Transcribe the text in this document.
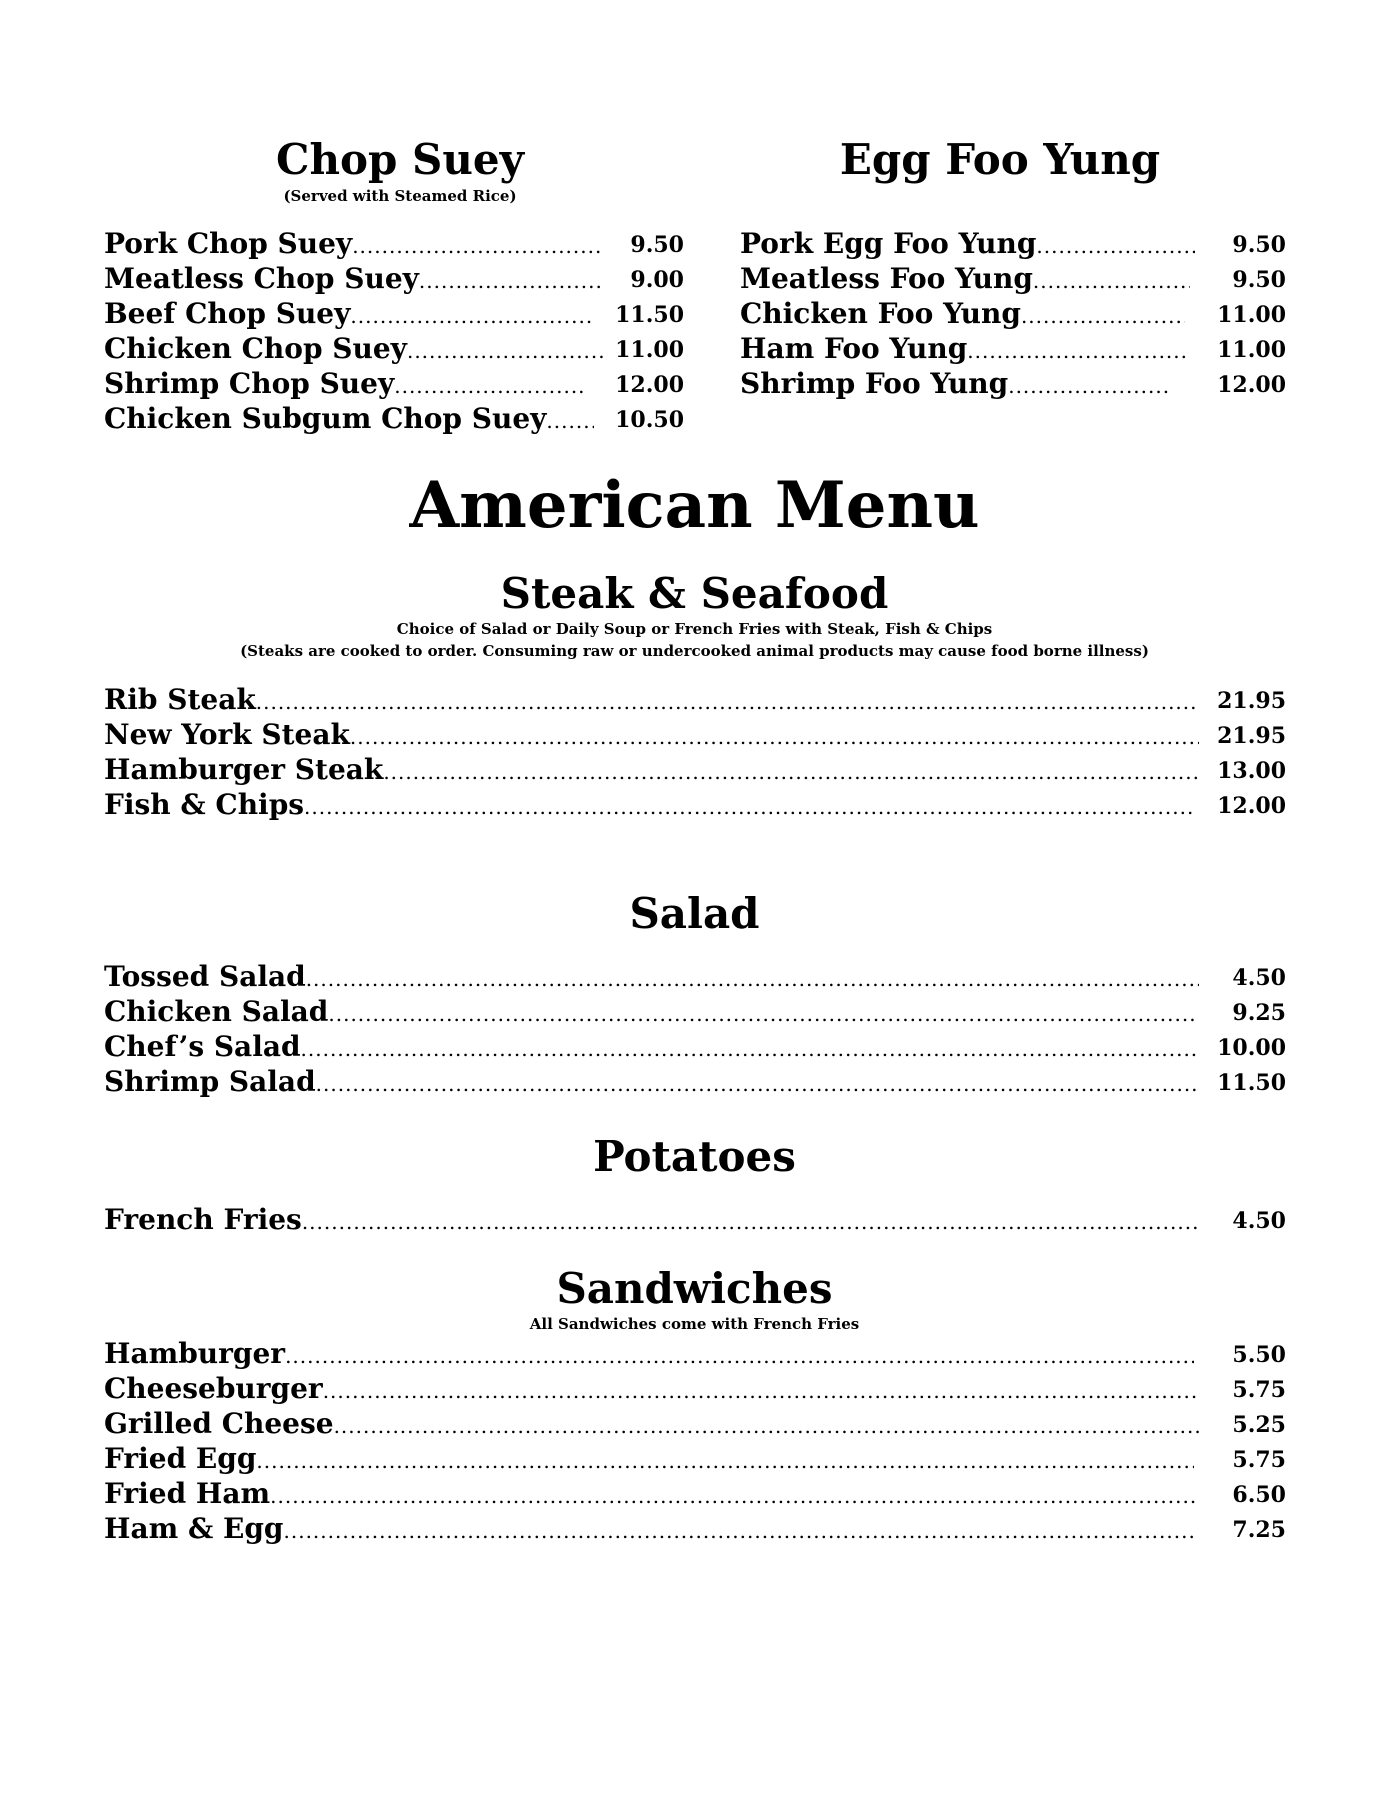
Chop Suey
(Served with Steamed Rice)
Pork Chop Suey .....	9.50
Meatless Chop Suey .....	9.00
Beef Chop Suey .....	11.50
Chicken Chop Suey .....	11.00
Shrimp Chop Suey .....	12.00
Chicken Subgum Chop Suey .....	10.50
Egg Foo Yung
Pork Egg Foo Yung .....	9.50
Meatless Foo Yung .....	9.50
Chicken Foo Yung .....	11.00
Ham Foo Yung .....	11.00
Shrimp Foo Yung .....	12.00
American Menu
Steak & Seafood
Choice of Salad or Daily Soup or French Fries with Steak, Fish & Chips
(Steaks are cooked to order. Consuming raw or undercooked animal products may cause food borne illness)
Rib Steak .....	21.95
New York Steak .....	21.95
Hamburger Steak .....	13.00
Fish & Chips .....	12.00
Salad
Tossed Salad .....	4.50
Chicken Salad .....	9.25
Chef’s Salad .....	10.00
Shrimp Salad .....	11.50
Potatoes
French Fries .....	4.50
Sandwiches
All Sandwiches come with French Fries
Hamburger .....	5.50
Cheeseburger .....	5.75
Grilled Cheese .....	5.25
Fried Egg .....	5.75
Fried Ham .....	6.50
Ham & Egg .....	7.25
